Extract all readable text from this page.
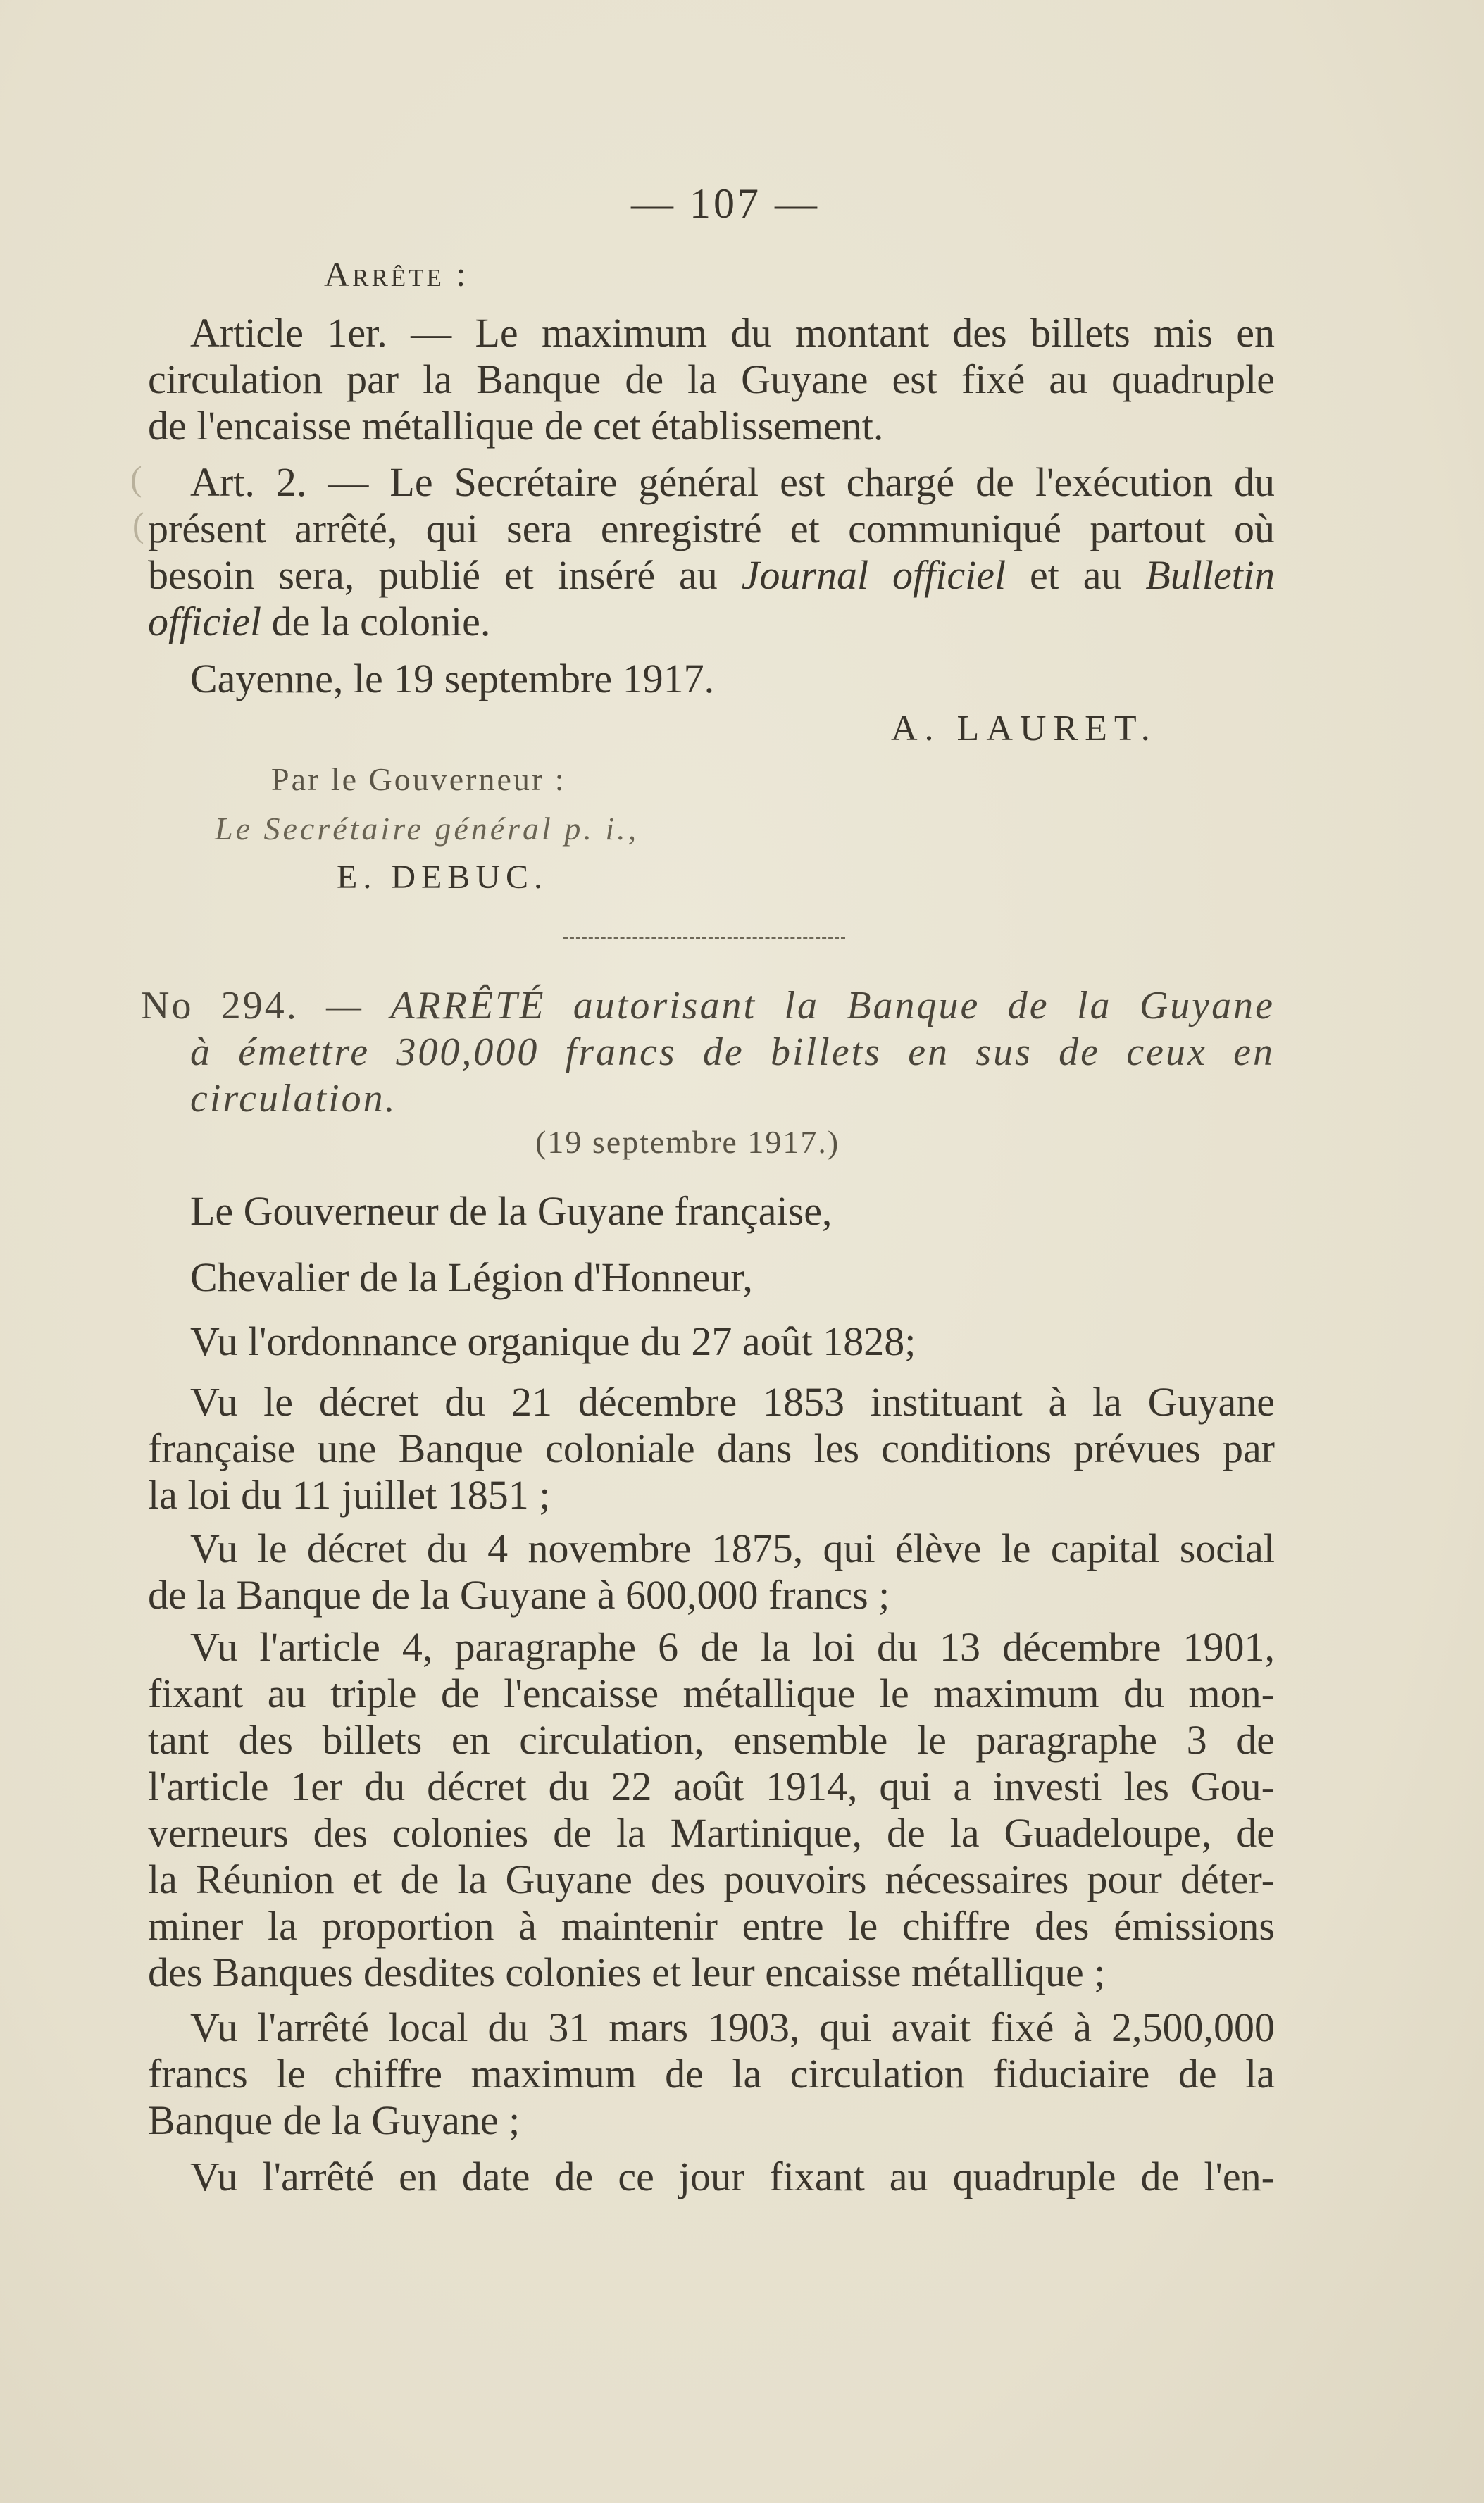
— 107 —
Arrête :
Article 1er. — Le maximum du montant des billets mis en
circulation par la Banque de la Guyane est fixé au quadruple
de l'encaisse métallique de cet établissement.
Art. 2. — Le Secrétaire général est chargé de l'exécution du
présent arrêté, qui sera enregistré et communiqué partout où
besoin sera, publié et inséré au Journal officiel et au Bulletin
officiel de la colonie.
Cayenne, le 19 septembre 1917.
A. LAURET.
Par le Gouverneur :
Le Secrétaire général p. i.,
E. DEBUC.
No 294. — ARRÊTÉ autorisant la Banque de la Guyane
à émettre 300,000 francs de billets en sus de ceux en
circulation.
(19 septembre 1917.)
Le Gouverneur de la Guyane française,
Chevalier de la Légion d'Honneur,
Vu l'ordonnance organique du 27 août 1828;
Vu le décret du 21 décembre 1853 instituant à la Guyane
française une Banque coloniale dans les conditions prévues par
la loi du 11 juillet 1851 ;
Vu le décret du 4 novembre 1875, qui élève le capital social
de la Banque de la Guyane à 600,000 francs ;
Vu l'article 4, paragraphe 6 de la loi du 13 décembre 1901,
fixant au triple de l'encaisse métallique le maximum du mon-
tant des billets en circulation, ensemble le paragraphe 3 de
l'article 1er du décret du 22 août 1914, qui a investi les Gou-
verneurs des colonies de la Martinique, de la Guadeloupe, de
la Réunion et de la Guyane des pouvoirs nécessaires pour déter-
miner la proportion à maintenir entre le chiffre des émissions
des Banques desdites colonies et leur encaisse métallique ;
Vu l'arrêté local du 31 mars 1903, qui avait fixé à 2,500,000
francs le chiffre maximum de la circulation fiduciaire de la
Banque de la Guyane ;
Vu l'arrêté en date de ce jour fixant au quadruple de l'en-
(
(
